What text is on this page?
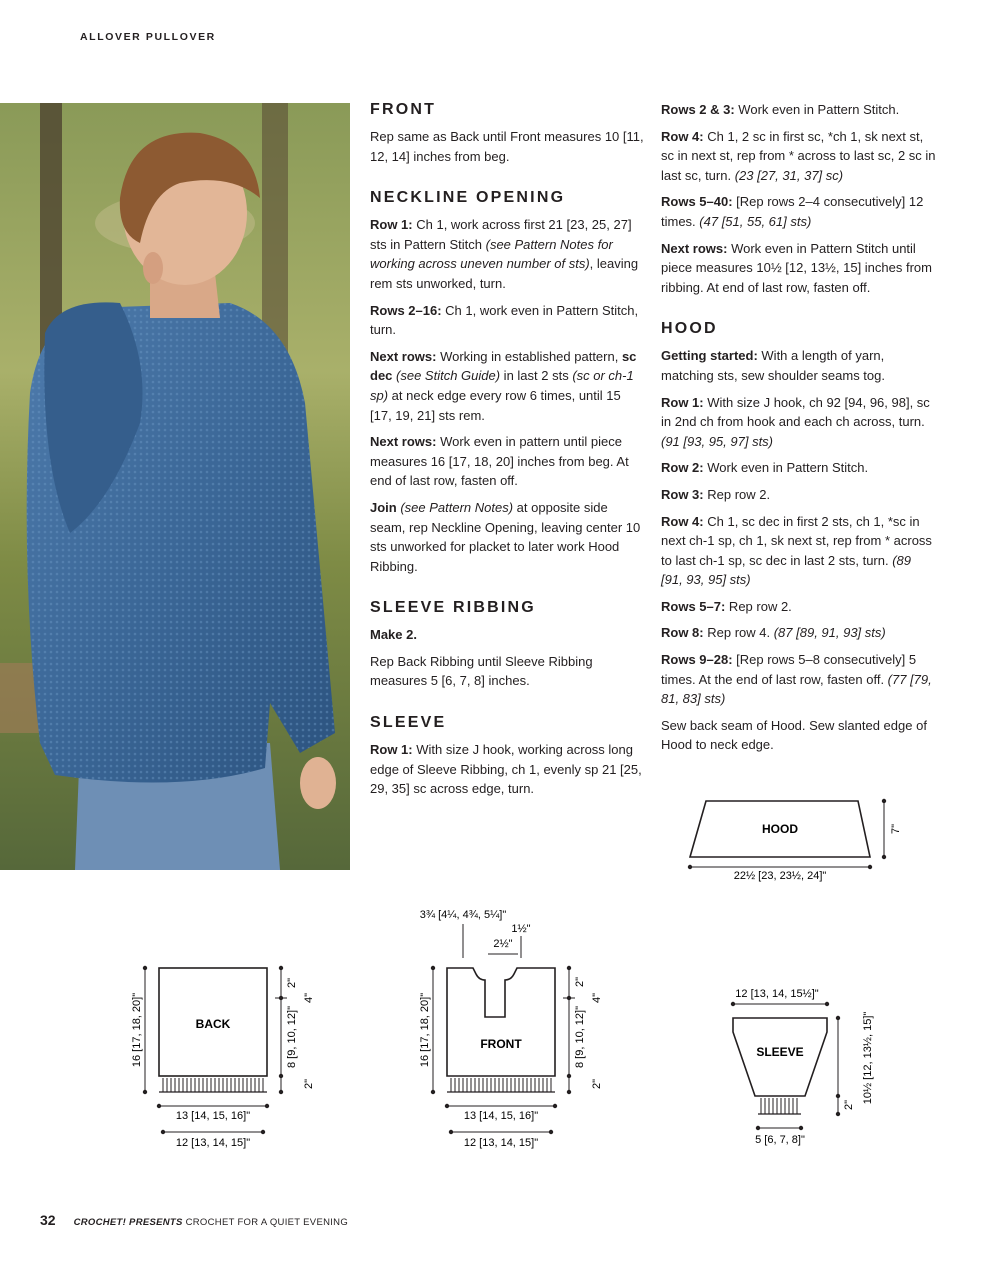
ALLOVER PULLOVER
FRONT

Rep same as Back until Front measures 10 [11, 12, 14] inches from beg.

NECKLINE OPENING

Row 1: Ch 1, work across first 21 [23, 25, 27] sts in Pattern Stitch (see Pattern Notes for working across uneven number of sts), leaving rem sts unworked, turn.

Rows 2–16: Ch 1, work even in Pattern Stitch, turn.

Next rows: Working in established pattern, sc dec (see Stitch Guide) in last 2 sts (sc or ch-1 sp) at neck edge every row 6 times, until 15 [17, 19, 21] sts rem.

Next rows: Work even in pattern until piece measures 16 [17, 18, 20] inches from beg. At end of last row, fasten off.

Join (see Pattern Notes) at opposite side seam, rep Neckline Opening, leaving center 10 sts unworked for placket to later work Hood Ribbing.

SLEEVE RIBBING

Make 2.

Rep Back Ribbing until Sleeve Ribbing measures 5 [6, 7, 8] inches.

SLEEVE

Row 1: With size J hook, working across long edge of Sleeve Ribbing, ch 1, evenly sp 21 [25, 29, 35] sc across edge, turn.

Rows 2 & 3: Work even in Pattern Stitch.

Row 4: Ch 1, 2 sc in first sc, *ch 1, sk next st, sc in next st, rep from * across to last sc, 2 sc in last sc, turn. (23 [27, 31, 37] sc)

Rows 5–40: [Rep rows 2–4 consecutively] 12 times. (47 [51, 55, 61] sts)

Next rows: Work even in Pattern Stitch until piece measures 10½ [12, 13½, 15] inches from ribbing. At end of last row, fasten off.

HOOD

Getting started: With a length of yarn, matching sts, sew shoulder seams tog.

Row 1: With size J hook, ch 92 [94, 96, 98], sc in 2nd ch from hook and each ch across, turn. (91 [93, 95, 97] sts)

Row 2: Work even in Pattern Stitch.

Row 3: Rep row 2.

Row 4: Ch 1, sc dec in first 2 sts, ch 1, *sc in next ch-1 sp, ch 1, sk next st, rep from * across to last ch-1 sp, sc dec in last 2 sts, turn. (89 [91, 93, 95] sts)

Rows 5–7: Rep row 2.

Row 8: Rep row 4. (87 [89, 91, 93] sts)

Rows 9–28: [Rep rows 5–8 consecutively] 5 times. At the end of last row, fasten off. (77 [79, 81, 83] sts)

Sew back seam of Hood. Sew slanted edge of Hood to neck edge.

HOOD
22½ [23, 23½, 24]"
7"
BACK
16 [17, 18, 20]"
2"
4"
8 [9, 10, 12]"
2"
13 [14, 15, 16]"
12 [13, 14, 15]"
3¾ [4¼, 4¾, 5¼]"
1½"
2½"
FRONT
16 [17, 18, 20]"
2"
4"
8 [9, 10, 12]"
2"
13 [14, 15, 16]"
12 [13, 14, 15]"
12 [13, 14, 15½]"
SLEEVE
2"
10½ [12, 13½, 15]"
5 [6, 7, 8]"
32 CROCHET! PRESENTS CROCHET FOR A QUIET EVENING
